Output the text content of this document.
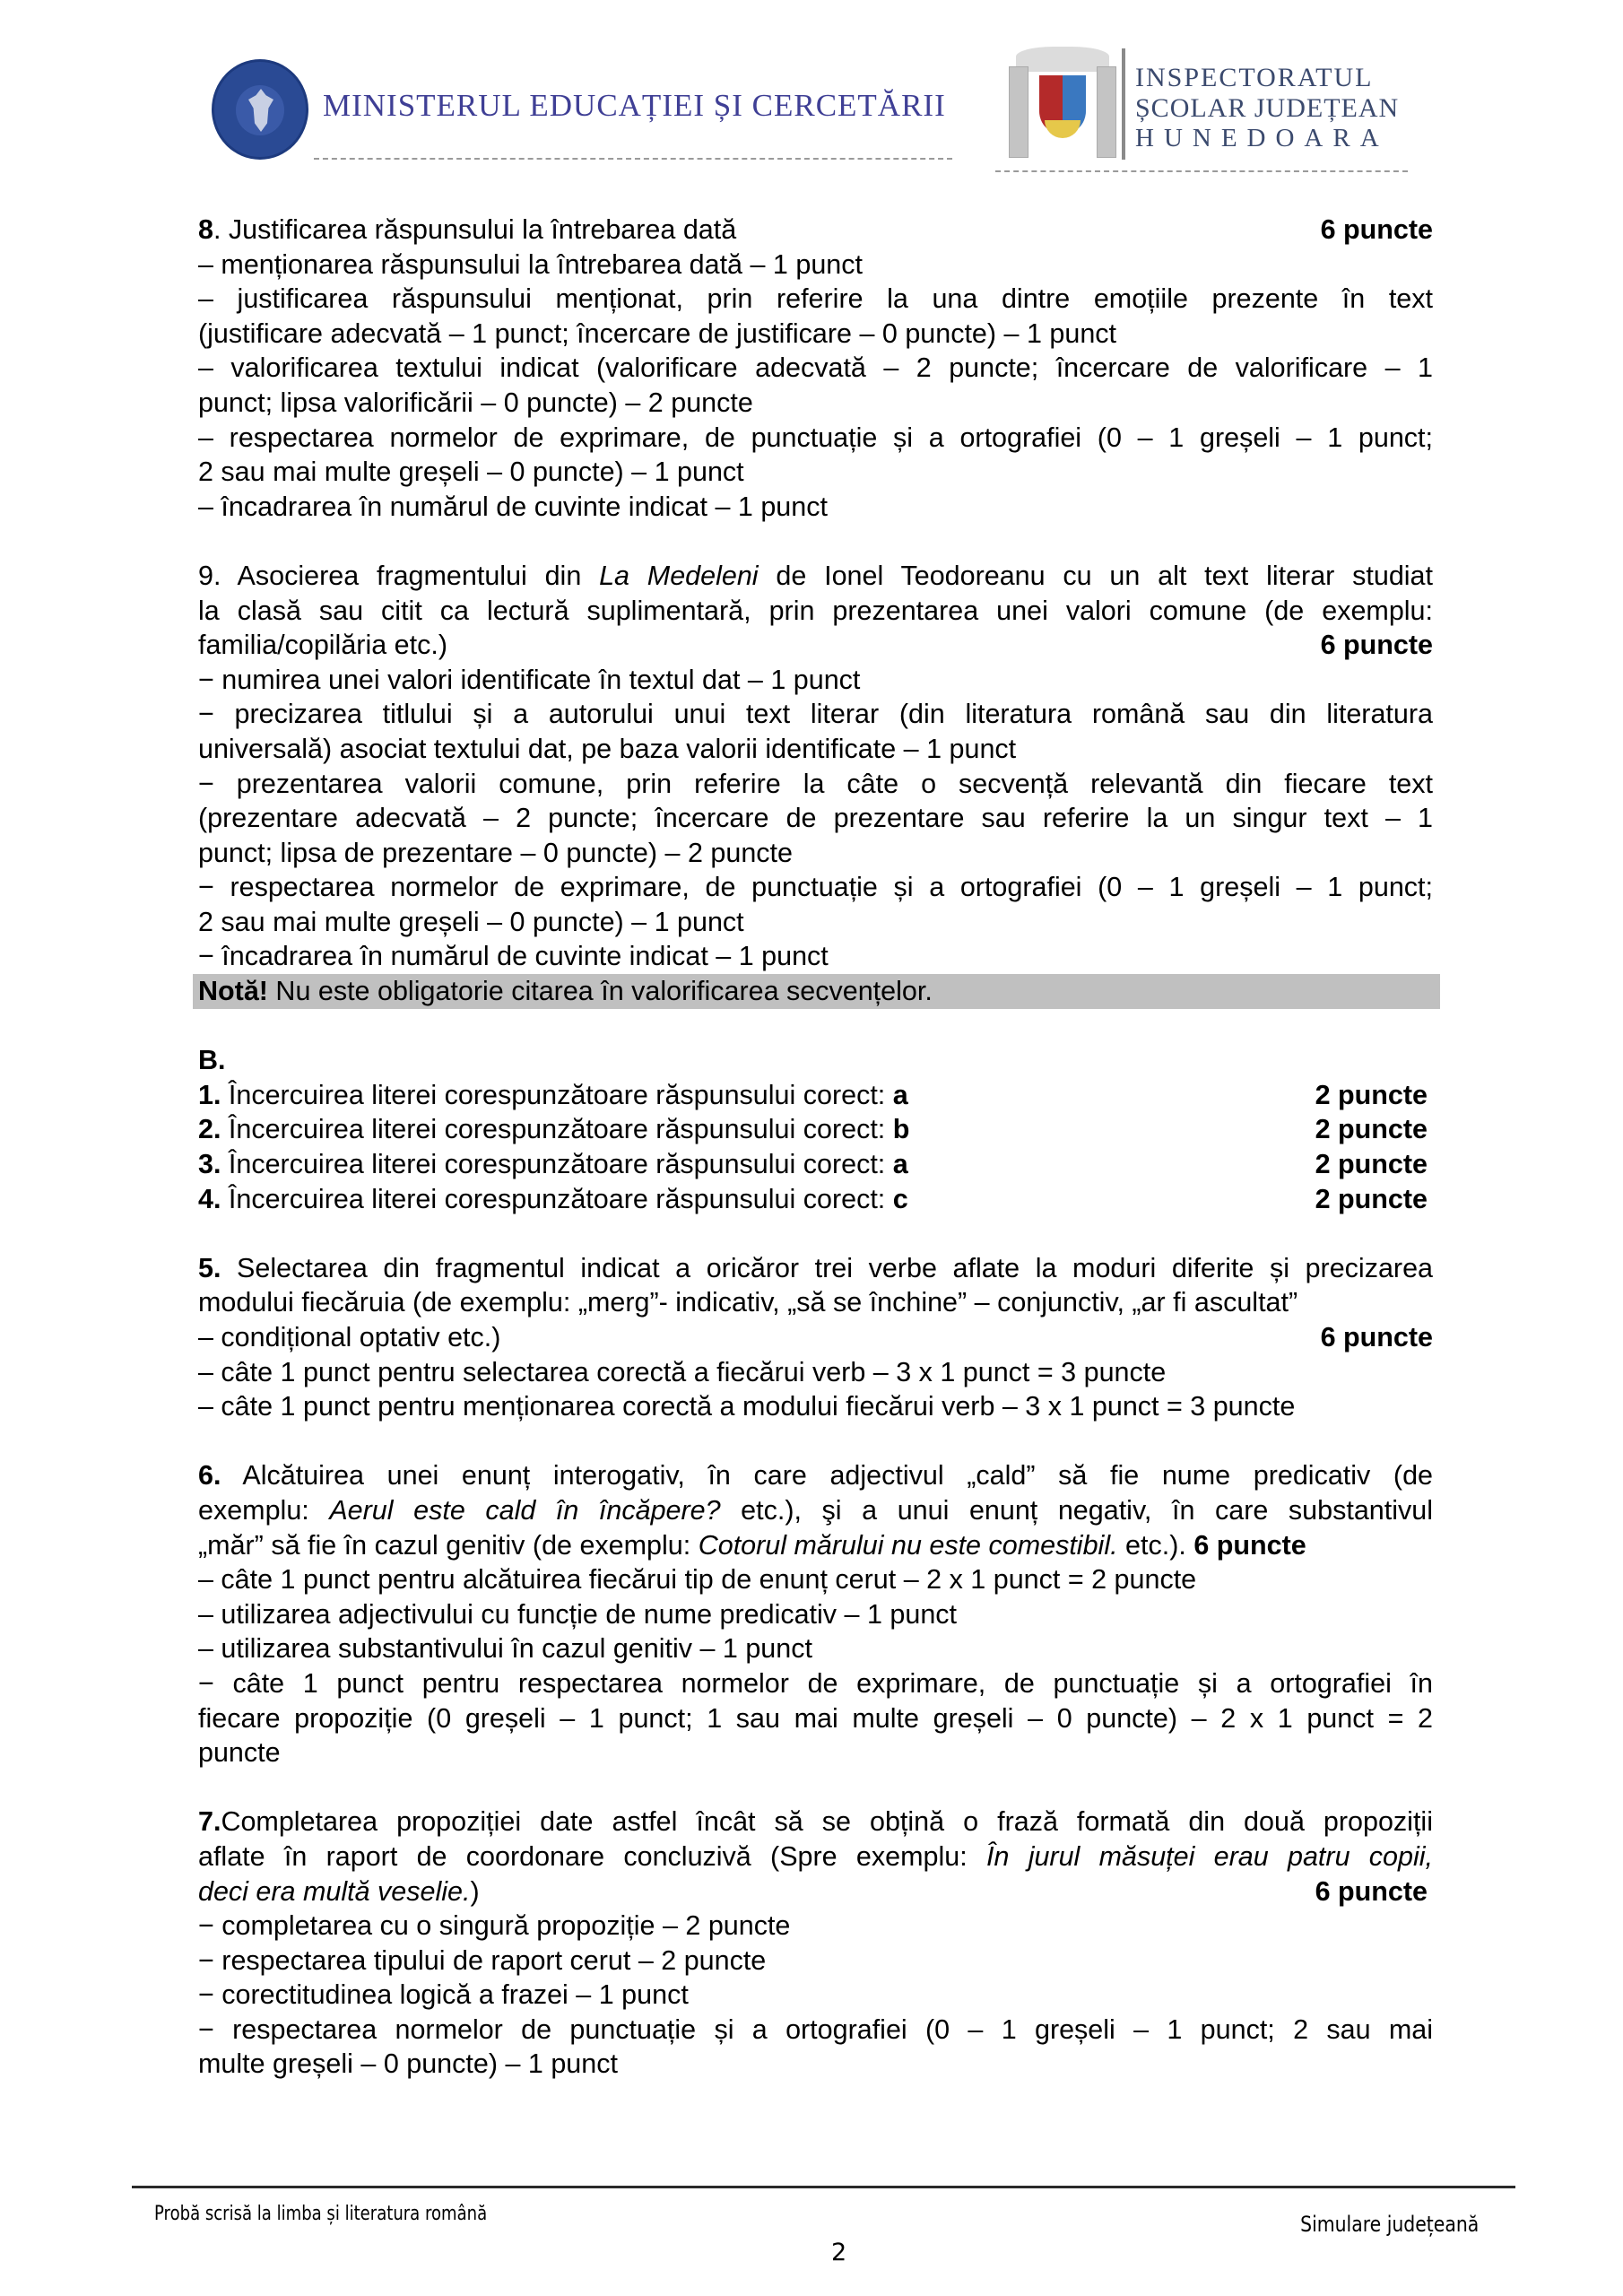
MINISTERUL EDUCAȚIEI ȘI CERCETĂRII
INSPECTORATUL
ȘCOLAR JUDEȚEAN
HUNEDOARA
8. Justificarea răspunsului la întrebarea dată	6 puncte
– menționarea răspunsului la întrebarea dată – 1 punct
– justificarea răspunsului menționat, prin referire la una dintre emoțiile prezente în text
(justificare adecvată – 1 punct; încercare de justificare – 0 puncte) – 1 punct
– valorificarea textului indicat (valorificare adecvată – 2 puncte; încercare de valorificare – 1
punct; lipsa valorificării – 0 puncte) – 2 puncte
– respectarea normelor de exprimare, de punctuație și a ortografiei (0 – 1 greșeli – 1 punct;
2 sau mai multe greșeli – 0 puncte) – 1 punct
– încadrarea în numărul de cuvinte indicat – 1 punct
9. Asocierea fragmentului din La Medeleni de Ionel Teodoreanu cu un alt text literar studiat
la clasă sau citit ca lectură suplimentară, prin prezentarea unei valori comune (de exemplu:
familia/copilăria etc.)	6 puncte
− numirea unei valori identificate în textul dat – 1 punct
− precizarea titlului și a autorului unui text literar (din literatura română sau din literatura
universală) asociat textului dat, pe baza valorii identificate – 1 punct
− prezentarea valorii comune, prin referire la câte o secvență relevantă din fiecare text
(prezentare adecvată – 2 puncte; încercare de prezentare sau referire la un singur text – 1
punct; lipsa de prezentare – 0 puncte) – 2 puncte
− respectarea normelor de exprimare, de punctuație și a ortografiei (0 – 1 greșeli – 1 punct;
2 sau mai multe greșeli – 0 puncte) – 1 punct
− încadrarea în numărul de cuvinte indicat – 1 punct
Notă! Nu este obligatorie citarea în valorificarea secvențelor.
B.
1. Încercuirea literei corespunzătoare răspunsului corect: a	2 puncte
2. Încercuirea literei corespunzătoare răspunsului corect: b	2 puncte
3. Încercuirea literei corespunzătoare răspunsului corect: a	2 puncte
4. Încercuirea literei corespunzătoare răspunsului corect: c	2 puncte
5. Selectarea din fragmentul indicat a oricăror trei verbe aflate la moduri diferite și precizarea
modului fiecăruia (de exemplu: „merg”- indicativ, „să se închine” – conjunctiv, „ar fi ascultat”
– condițional optativ etc.)	6 puncte
– câte 1 punct pentru selectarea corectă a fiecărui verb – 3 x 1 punct = 3 puncte
– câte 1 punct pentru menționarea corectă a modului fiecărui verb – 3 x 1 punct = 3 puncte
6. Alcătuirea unei enunț interogativ, în care adjectivul „cald” să fie nume predicativ (de
exemplu: Aerul este cald în încăpere? etc.), şi a unui enunț negativ, în care substantivul
„măr” să fie în cazul genitiv (de exemplu: Cotorul mărului nu este comestibil. etc.). 6 puncte
– câte 1 punct pentru alcătuirea fiecărui tip de enunț cerut – 2 x 1 punct = 2 puncte
– utilizarea adjectivului cu funcție de nume predicativ – 1 punct
– utilizarea substantivului în cazul genitiv – 1 punct
− câte 1 punct pentru respectarea normelor de exprimare, de punctuație și a ortografiei în
fiecare propoziție (0 greșeli – 1 punct; 1 sau mai multe greșeli – 0 puncte) – 2 x 1 punct = 2
puncte
7.Completarea propoziției date astfel încât să se obțină o frază formată din două propoziții
aflate în raport de coordonare concluzivă (Spre exemplu: În jurul măsuței erau patru copii,
deci era multă veselie.)	6 puncte
− completarea cu o singură propoziție – 2 puncte
− respectarea tipului de raport cerut – 2 puncte
− corectitudinea logică a frazei – 1 punct
− respectarea normelor de punctuație și a ortografiei (0 – 1 greșeli – 1 punct; 2 sau mai
multe greșeli – 0 puncte) – 1 punct
Probă scrisă la limba și literatura română	Simulare județeană
2
